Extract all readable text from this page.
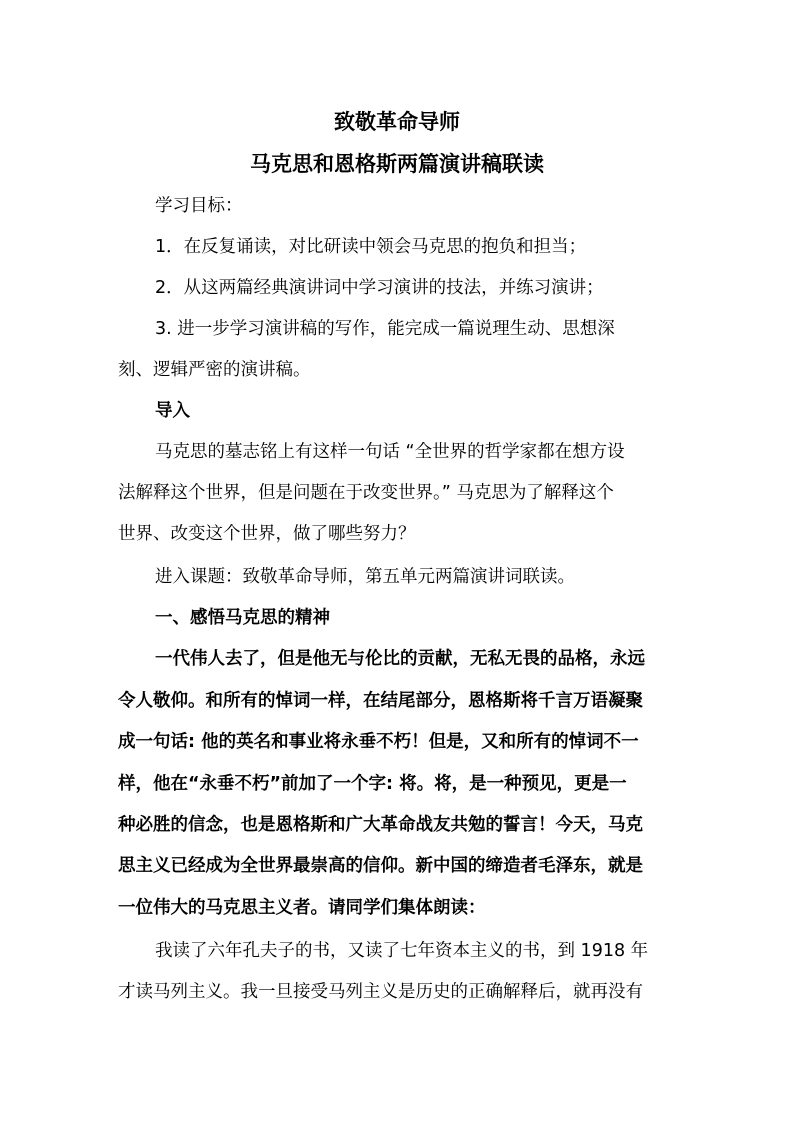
致敬革命导师
马克思和恩格斯两篇演讲稿联读
学习目标：
1．在反复诵读，对比研读中领会马克思的抱负和担当；
2．从这两篇经典演讲词中学习演讲的技法，并练习演讲；
3. 进一步学习演讲稿的写作，能完成一篇说理生动、思想深
刻、逻辑严密的演讲稿。
导入
马克思的墓志铭上有这样一句话 “全世界的哲学家都在想方设
法解释这个世界，但是问题在于改变世界。” 马克思为了解释这个
世界、改变这个世界，做了哪些努力？
进入课题：致敬革命导师，第五单元两篇演讲词联读。
一、感悟马克思的精神
一代伟人去了，但是他无与伦比的贡献，无私无畏的品格，永远
令人敬仰。和所有的悼词一样，在结尾部分，恩格斯将千言万语凝聚
成一句话: 他的英名和事业将永垂不朽！但是，又和所有的悼词不一
样，他在“永垂不朽”前加了一个字: 将。将，是一种预见，更是一
种必胜的信念，也是恩格斯和广大革命战友共勉的誓言！今天，马克
思主义已经成为全世界最崇高的信仰。新中国的缔造者毛泽东，就是
一位伟大的马克思主义者。请同学们集体朗读：
我读了六年孔夫子的书，又读了七年资本主义的书，到 1918 年
才读马列主义。我一旦接受马列主义是历史的正确解释后，就再没有
